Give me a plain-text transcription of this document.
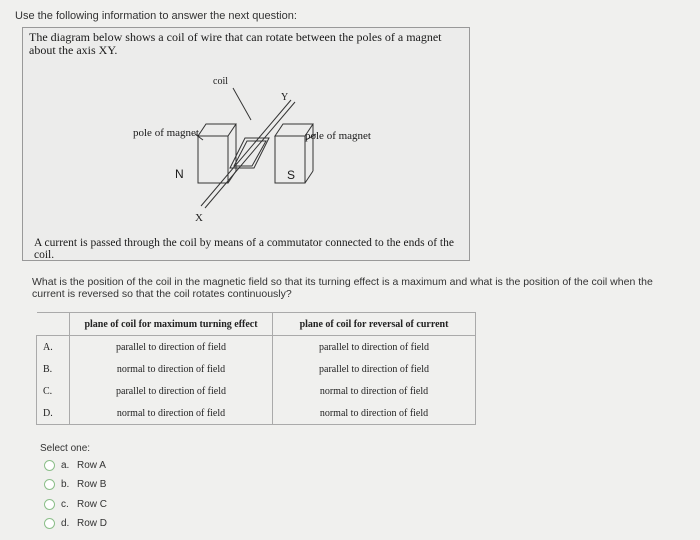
Use the following information to answer the next question:
The diagram below shows a coil of wire that can rotate between the poles of a magnet about the axis XY.
coil
Y
X
pole of magnet	pole of magnet
N	S
A current is passed through the coil by means of a commutator connected to the ends of the coil.
What is the position of the coil in the magnetic field so that its turning effect is a maximum and what is the position of the coil when the current is reversed so that the coil rotates continuously?
	plane of coil for maximum turning effect	plane of coil for reversal of current
A.	parallel to direction of field	parallel to direction of field
B.	normal to direction of field	parallel to direction of field
C.	parallel to direction of field	normal to direction of field
D.	normal to direction of field	normal to direction of field
Select one:
a. Row A
b. Row B
c. Row C
d. Row D
